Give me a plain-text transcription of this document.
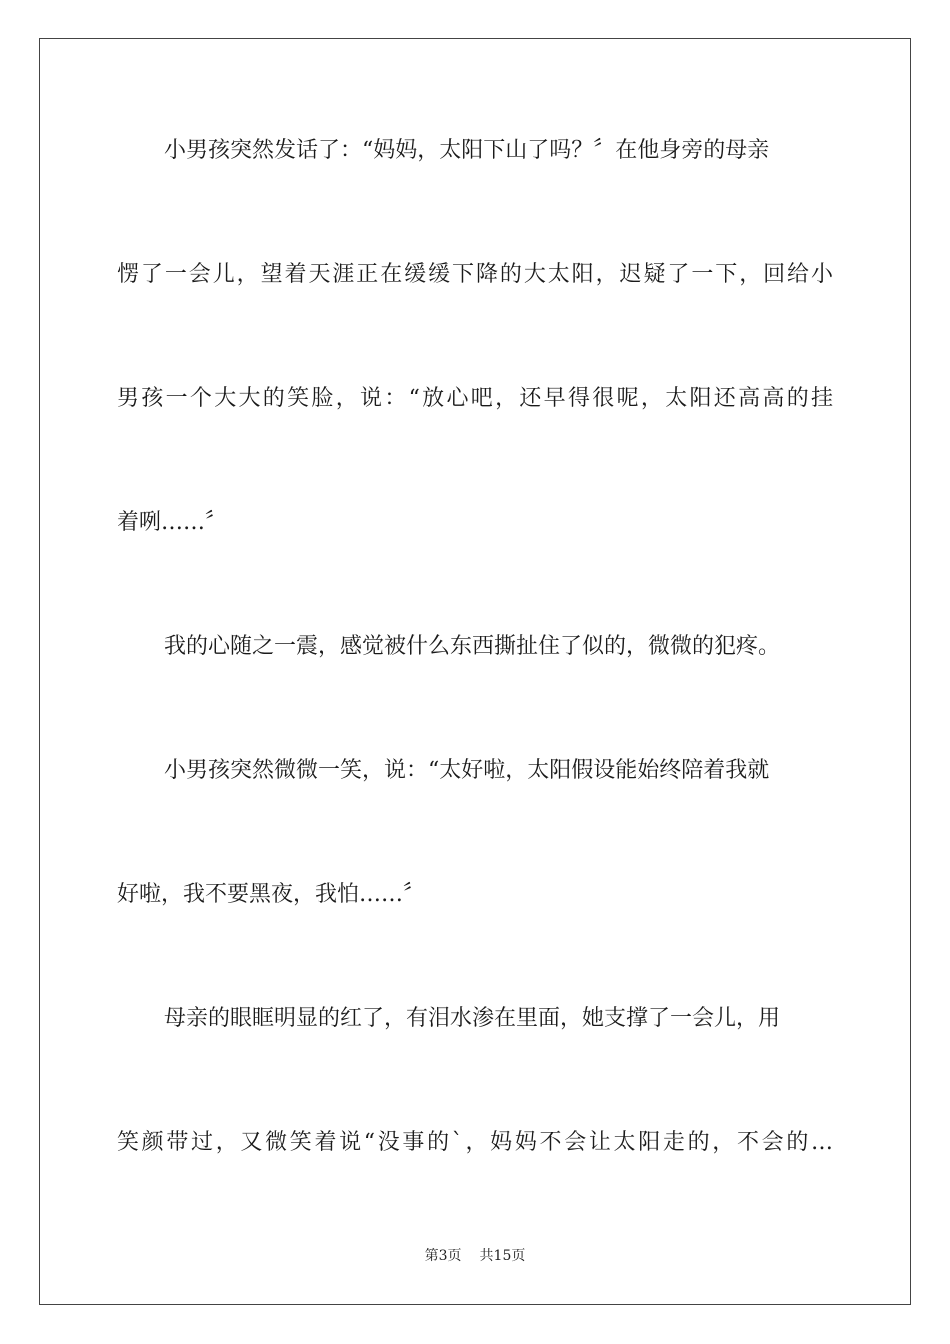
小男孩突然发话了：“妈妈，太阳下山了吗？〞在他身旁的母亲
愣了一会儿，望着天涯正在缓缓下降的大太阳，迟疑了一下，回给小
男孩一个大大的笑脸，说：“放心吧，还早得很呢，太阳还高高的挂
着咧……〞
我的心随之一震，感觉被什么东西撕扯住了似的，微微的犯疼。
小男孩突然微微一笑，说：“太好啦，太阳假设能始终陪着我就
好啦，我不要黑夜，我怕……〞
母亲的眼眶明显的红了，有泪水渗在里面，她支撑了一会儿，用
笑颜带过，又微笑着说“没事的`，妈妈不会让太阳走的，不会的…
第3页 共15页
